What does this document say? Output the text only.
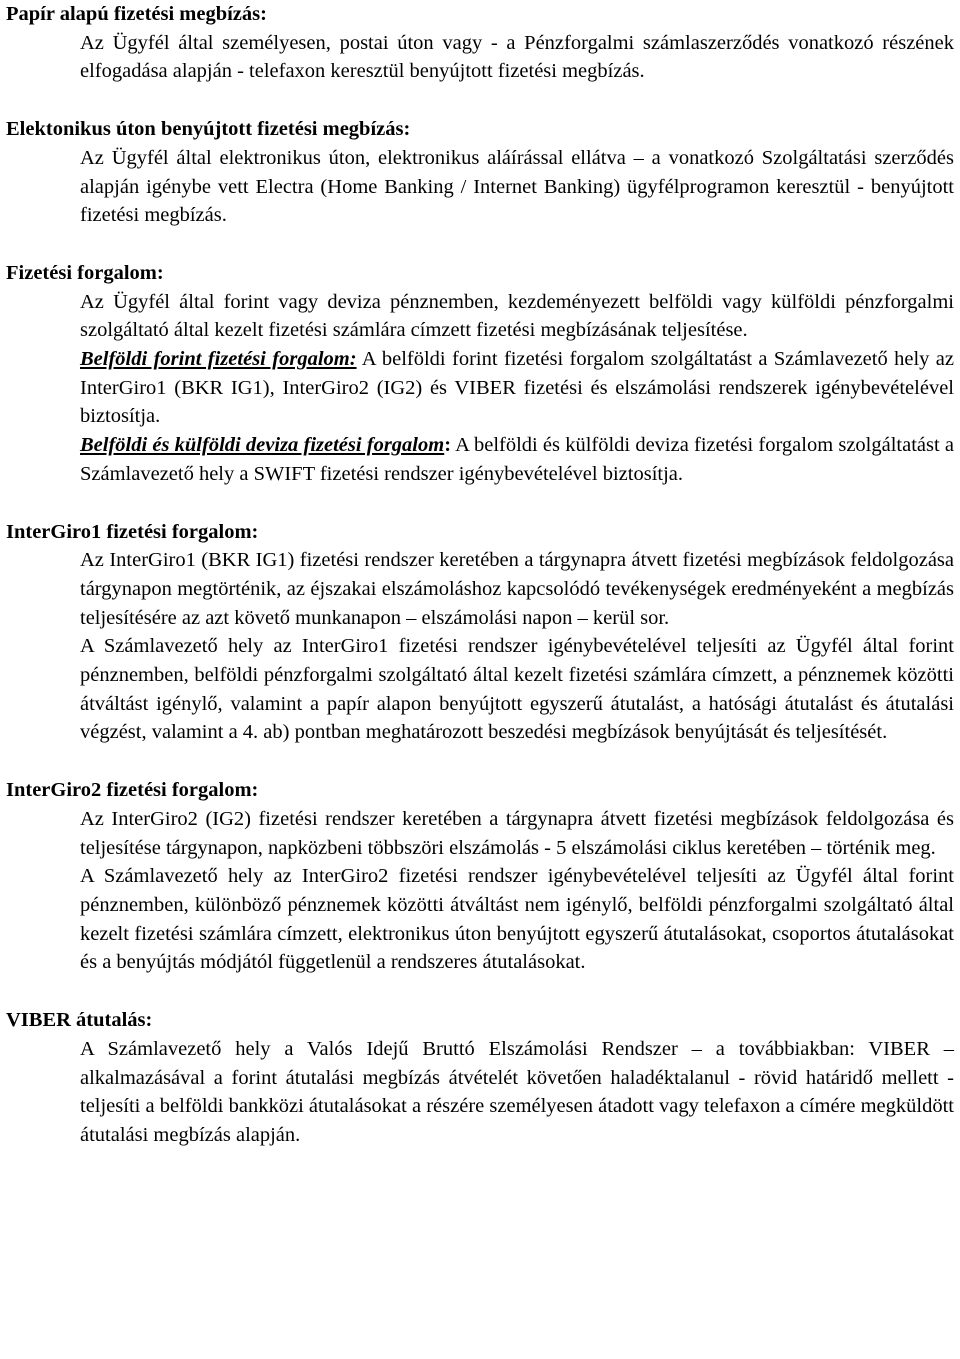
Papír alapú fizetési megbízás:

Az Ügyfél által személyesen, postai úton vagy - a Pénzforgalmi számlaszerződés vonatkozó részének elfogadása alapján - telefaxon keresztül benyújtott fizetési megbízás.

Elektonikus úton benyújtott fizetési megbízás:

Az Ügyfél által elektronikus úton, elektronikus aláírással ellátva – a vonatkozó Szolgáltatási szerződés alapján igénybe vett Electra (Home Banking / Internet Banking) ügyfélprogramon keresztül - benyújtott fizetési megbízás.

Fizetési forgalom:

Az Ügyfél által forint vagy deviza pénznemben, kezdeményezett belföldi vagy külföldi pénzforgalmi szolgáltató által kezelt fizetési számlára címzett fizetési megbízásának teljesítése.

Belföldi forint fizetési forgalom: A belföldi forint fizetési forgalom szolgáltatást a Számlavezető hely az InterGiro1 (BKR IG1), InterGiro2 (IG2) és VIBER fizetési és elszámolási rendszerek igénybevételével biztosítja.

Belföldi és külföldi deviza fizetési forgalom: A belföldi és külföldi deviza fizetési forgalom szolgáltatást a Számlavezető hely a SWIFT fizetési rendszer igénybevételével biztosítja.

InterGiro1 fizetési forgalom:

Az InterGiro1 (BKR IG1) fizetési rendszer keretében a tárgynapra átvett fizetési megbízások feldolgozása tárgynapon megtörténik, az éjszakai elszámoláshoz kapcsolódó tevékenységek eredményeként a megbízás teljesítésére az azt követő munkanapon – elszámolási napon – kerül sor.

A Számlavezető hely az InterGiro1 fizetési rendszer igénybevételével teljesíti az Ügyfél által forint pénznemben, belföldi pénzforgalmi szolgáltató által kezelt fizetési számlára címzett, a pénznemek közötti átváltást igénylő, valamint a papír alapon benyújtott egyszerű átutalást, a hatósági átutalást és átutalási végzést, valamint a 4. ab) pontban meghatározott beszedési megbízások benyújtását és teljesítését.

InterGiro2 fizetési forgalom:

Az InterGiro2 (IG2) fizetési rendszer keretében a tárgynapra átvett fizetési megbízások feldolgozása és teljesítése tárgynapon, napközbeni többszöri elszámolás - 5 elszámolási ciklus keretében – történik meg.

A Számlavezető hely az InterGiro2 fizetési rendszer igénybevételével teljesíti az Ügyfél által forint pénznemben, különböző pénznemek közötti átváltást nem igénylő, belföldi pénzforgalmi szolgáltató által kezelt fizetési számlára címzett, elektronikus úton benyújtott egyszerű átutalásokat, csoportos átutalásokat és a benyújtás módjától függetlenül a rendszeres átutalásokat.

VIBER átutalás:

A Számlavezető hely a Valós Idejű Bruttó Elszámolási Rendszer – a továbbiakban: VIBER – alkalmazásával a forint átutalási megbízás átvételét követően haladéktalanul - rövid határidő mellett - teljesíti a belföldi bankközi átutalásokat a részére személyesen átadott vagy telefaxon a címére megküldött átutalási megbízás alapján.
